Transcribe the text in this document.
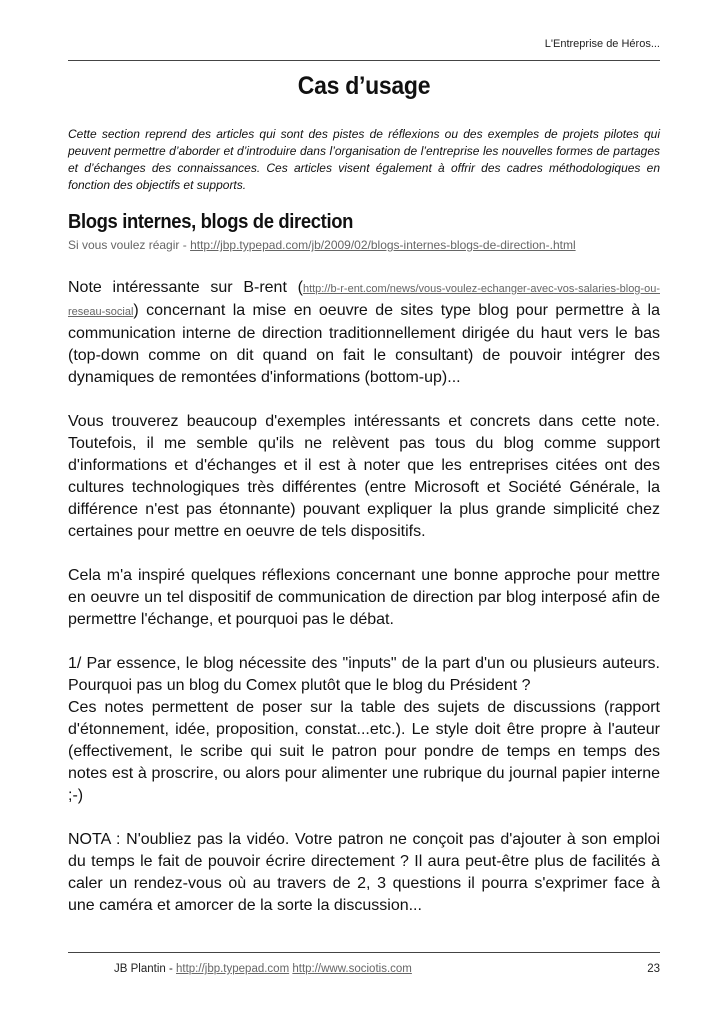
L'Entreprise de Héros...
Cas d’usage

Cette section reprend des articles qui sont des pistes de réflexions ou des exemples de projets pilotes qui peuvent permettre d’aborder et d’introduire dans l’organisation de l’entreprise les nouvelles formes de partages et d’échanges des connaissances. Ces articles visent également à offrir des cadres méthodologiques en fonction des objectifs et supports.

Blogs internes, blogs de direction
Si vous voulez réagir - http://jbp.typepad.com/jb/2009/02/blogs-internes-blogs-de-direction-.html

Note intéressante sur B-rent (http://b-r-ent.com/news/vous-voulez-echanger-avec-vos-salaries-blog-ou-reseau-social) concernant la mise en oeuvre de sites type blog pour permettre à la communication interne de direction traditionnellement dirigée du haut vers le bas (top-down comme on dit quand on fait le consultant) de pouvoir intégrer des dynamiques de remontées d'informations (bottom-up)...

Vous trouverez beaucoup d'exemples intéressants et concrets dans cette note. Toutefois, il me semble qu'ils ne relèvent pas tous du blog comme support d'informations et d'échanges et il est à noter que les entreprises citées ont des cultures technologiques très différentes (entre Microsoft et Société Générale, la différence n'est pas étonnante) pouvant expliquer la plus grande simplicité chez certaines pour mettre en oeuvre de tels dispositifs.

Cela m'a inspiré quelques réflexions concernant une bonne approche pour mettre en oeuvre un tel dispositif de communication de direction par blog interposé afin de permettre l'échange, et pourquoi pas le débat.

1/ Par essence, le blog nécessite des "inputs" de la part d'un ou plusieurs auteurs. Pourquoi pas un blog du Comex plutôt que le blog du Président ?
Ces notes permettent de poser sur la table des sujets de discussions (rapport d'étonnement, idée, proposition, constat...etc.). Le style doit être propre à l'auteur (effectivement, le scribe qui suit le patron pour pondre de temps en temps des notes est à proscrire, ou alors pour alimenter une rubrique du journal papier interne ;-)

NOTA : N'oubliez pas la vidéo. Votre patron ne conçoit pas d'ajouter à son emploi du temps le fait de pouvoir écrire directement ? Il aura peut-être plus de facilités à caler un rendez-vous où au travers de 2, 3 questions il pourra s'exprimer face à une caméra et amorcer de la sorte la discussion...

JB Plantin - http://jbp.typepad.com http://www.sociotis.com	23
